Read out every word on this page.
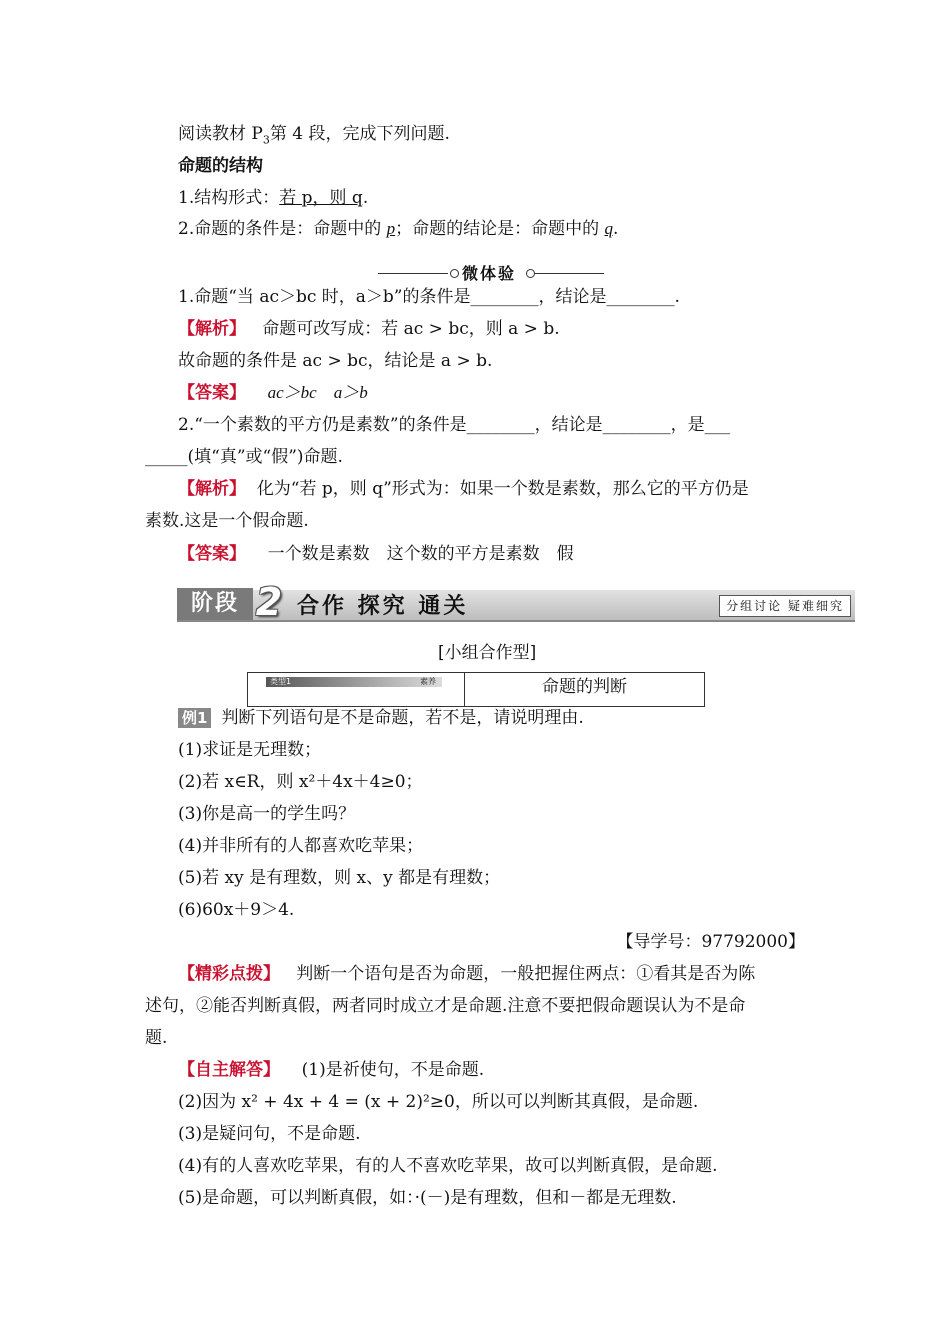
阅读教材 $P_3$第 4 段，完成下列问题.
命题的结构
1.结构形式：若 p，则 q.
2.命题的条件是：命题中的 p；命题的结论是：命题中的 q.
微体验
1.命题“当 ac＞bc 时，a＞b”的条件是________，结论是________.
【解析】 命题可改写成：若 ac > bc，则 a > b.
故命题的条件是 ac > bc，结论是 a > b.
【答案】 ac＞bc　a＞b
2.“一个素数的平方仍是素数”的条件是________，结论是________，是___
_____(填“真”或“假”)命题.
【解析】 化为“若 p，则 q”形式为：如果一个数是素数，那么它的平方仍是
素数.这是一个假命题.
【答案】 一个数是素数　这个数的平方是素数　假
阶段 2 合作 探究 通关	分组讨论 疑难细究
[小组合作型]
类型1	素养	命题的判断
例1 判断下列语句是不是命题，若不是，请说明理由.
(1)求证是无理数；
(2)若 x∈R，则 x²＋4x＋4≥0；
(3)你是高一的学生吗？
(4)并非所有的人都喜欢吃苹果；
(5)若 xy 是有理数，则 x、y 都是有理数；
(6)60x＋9＞4.
【导学号：97792000】
【精彩点拨】 判断一个语句是否为命题，一般把握住两点：①看其是否为陈
述句，②能否判断真假，两者同时成立才是命题.注意不要把假命题误认为不是命
题.
【自主解答】 (1)是祈使句，不是命题.
(2)因为 x² + 4x + 4 = (x + 2)²≥0，所以可以判断其真假，是命题.
(3)是疑问句，不是命题.
(4)有的人喜欢吃苹果，有的人不喜欢吃苹果，故可以判断真假，是命题.
(5)是命题，可以判断真假，如：·(－)是有理数，但和－都是无理数.
